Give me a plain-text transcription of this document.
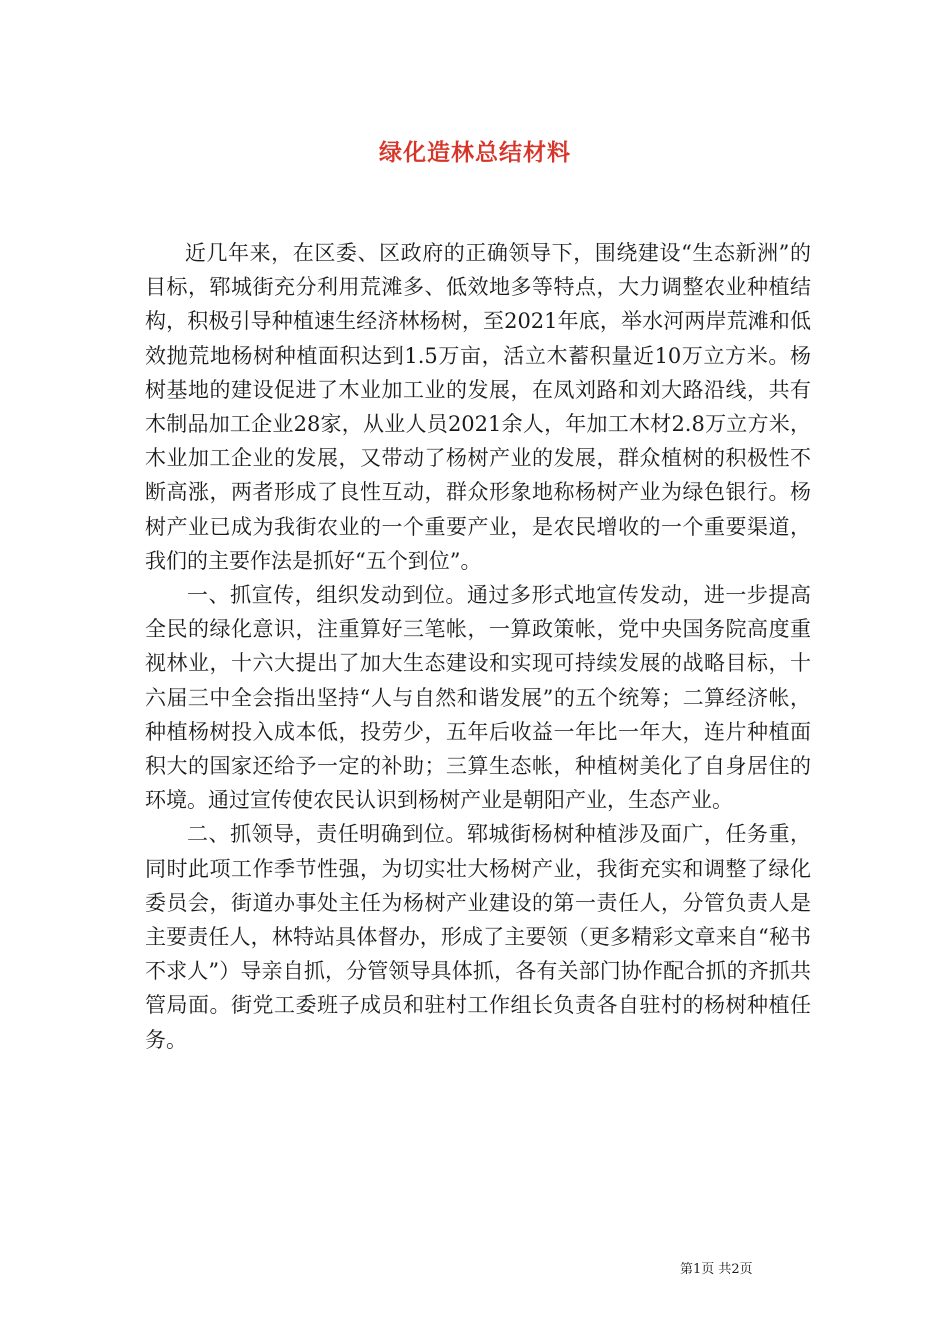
绿化造林总结材料

近几年来，在区委、区政府的正确领导下，围绕建设“生态新洲”的目标，郓城街充分利用荒滩多、低效地多等特点，大力调整农业种植结构，积极引导种植速生经济林杨树，至2021年底，举水河两岸荒滩和低效抛荒地杨树种植面积达到1.5万亩，活立木蓄积量近10万立方米。杨树基地的建设促进了木业加工业的发展，在凤刘路和刘大路沿线，共有木制品加工企业28家，从业人员2021余人，年加工木材2.8万立方米，木业加工企业的发展，又带动了杨树产业的发展，群众植树的积极性不断高涨，两者形成了良性互动，群众形象地称杨树产业为绿色银行。杨树产业已成为我街农业的一个重要产业，是农民增收的一个重要渠道，我们的主要作法是抓好“五个到位”。

一、抓宣传，组织发动到位。通过多形式地宣传发动，进一步提高全民的绿化意识，注重算好三笔帐，一算政策帐，党中央国务院高度重视林业，十六大提出了加大生态建设和实现可持续发展的战略目标，十六届三中全会指出坚持“人与自然和谐发展”的五个统筹；二算经济帐，种植杨树投入成本低，投劳少，五年后收益一年比一年大，连片种植面积大的国家还给予一定的补助；三算生态帐，种植树美化了自身居住的环境。通过宣传使农民认识到杨树产业是朝阳产业，生态产业。

二、抓领导，责任明确到位。郓城街杨树种植涉及面广，任务重，同时此项工作季节性强，为切实壮大杨树产业，我街充实和调整了绿化委员会，街道办事处主任为杨树产业建设的第一责任人，分管负责人是主要责任人，林特站具体督办，形成了主要领（更多精彩文章来自“秘书不求人”）导亲自抓，分管领导具体抓，各有关部门协作配合抓的齐抓共管局面。街党工委班子成员和驻村工作组长负责各自驻村的杨树种植任务。

第1页 共2页
